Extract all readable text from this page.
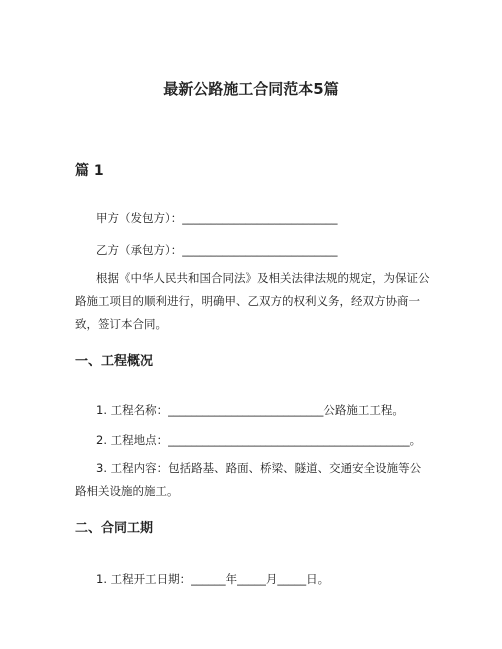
最新公路施工合同范本5篇
篇 1

甲方（发包方）：___________________________

乙方（承包方）：___________________________

根据《中华人民共和国合同法》及相关法律法规的规定，为保证公路施工项目的顺利进行，明确甲、乙双方的权利义务，经双方协商一致，签订本合同。

一、工程概况

1. 工程名称：___________________________公路施工工程。

2. 工程地点：__________________________________________。

3. 工程内容：包括路基、路面、桥梁、隧道、交通安全设施等公路相关设施的施工。

二、合同工期

1. 工程开工日期：______年_____月_____日。
